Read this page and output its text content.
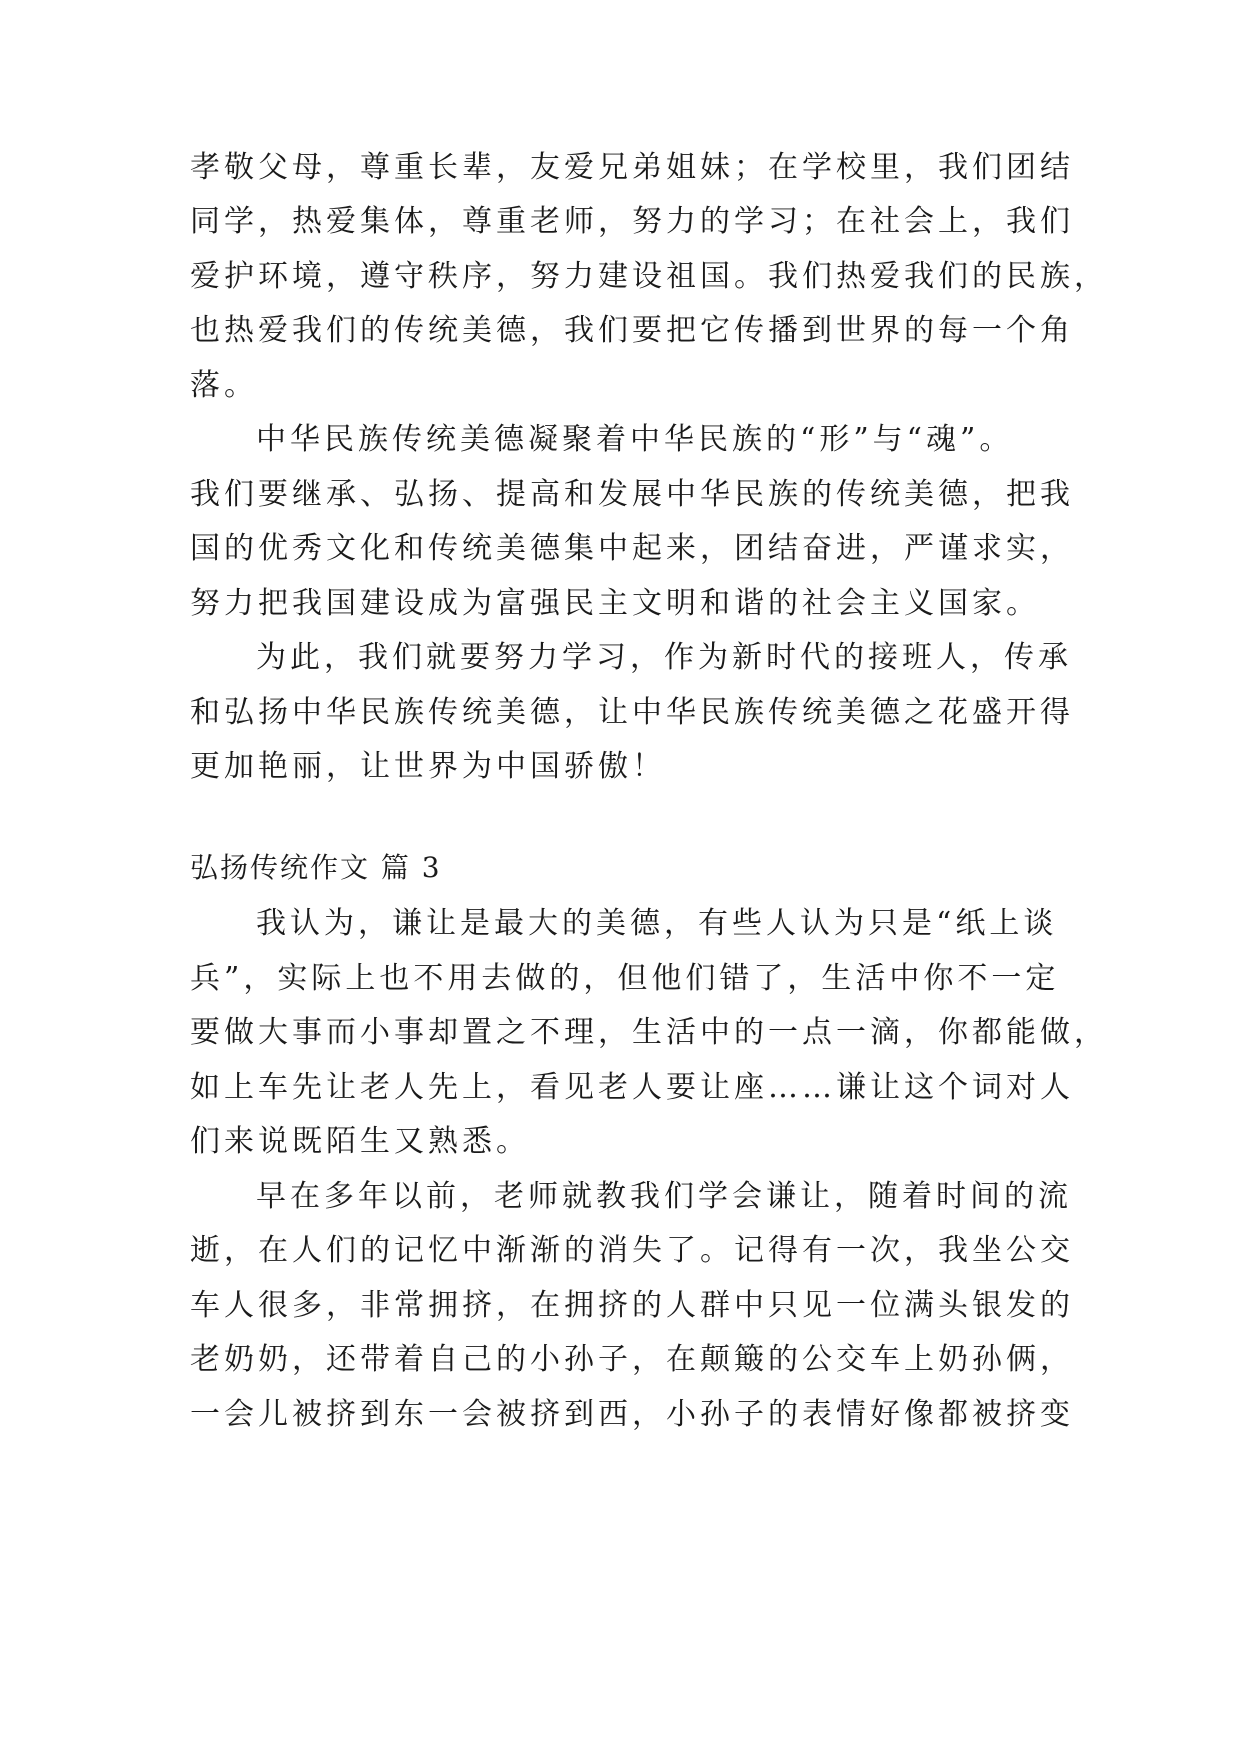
孝敬父母，尊重长辈，友爱兄弟姐妹；在学校里，我们团结
同学，热爱集体，尊重老师，努力的学习；在社会上，我们
爱护环境，遵守秩序，努力建设祖国。我们热爱我们的民族，
也热爱我们的传统美德，我们要把它传播到世界的每一个角
落。
中华民族传统美德凝聚着中华民族的“形”与“魂”。
我们要继承、弘扬、提高和发展中华民族的传统美德，把我
国的优秀文化和传统美德集中起来，团结奋进，严谨求实，
努力把我国建设成为富强民主文明和谐的社会主义国家。
为此，我们就要努力学习，作为新时代的接班人，传承
和弘扬中华民族传统美德，让中华民族传统美德之花盛开得
更加艳丽，让世界为中国骄傲！
弘扬传统作文 篇 3
我认为，谦让是最大的美德，有些人认为只是“纸上谈
兵”，实际上也不用去做的，但他们错了，生活中你不一定
要做大事而小事却置之不理，生活中的一点一滴，你都能做，
如上车先让老人先上，看见老人要让座……谦让这个词对人
们来说既陌生又熟悉。
早在多年以前，老师就教我们学会谦让，随着时间的流
逝，在人们的记忆中渐渐的消失了。记得有一次，我坐公交
车人很多，非常拥挤，在拥挤的人群中只见一位满头银发的
老奶奶，还带着自己的小孙子，在颠簸的公交车上奶孙俩，
一会儿被挤到东一会被挤到西，小孙子的表情好像都被挤变
